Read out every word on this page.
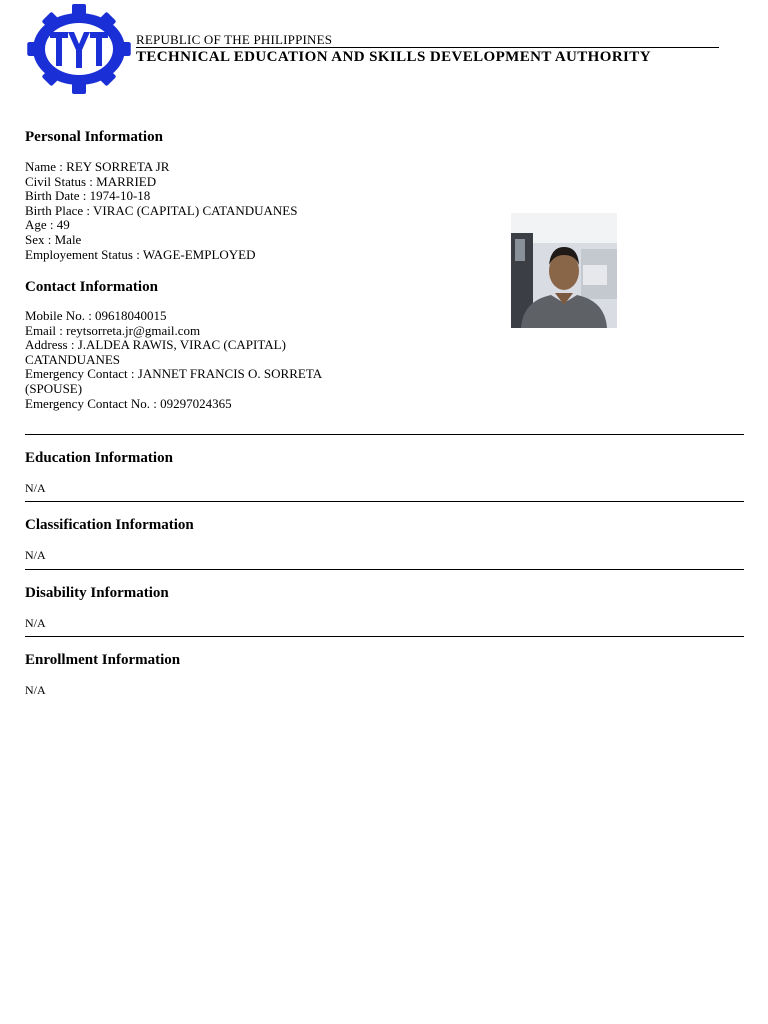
REPUBLIC OF THE PHILIPPINES
TECHNICAL EDUCATION AND SKILLS DEVELOPMENT AUTHORITY
Personal Information
Name : REY SORRETA JR
Civil Status : MARRIED
Birth Date : 1974-10-18
Birth Place : VIRAC (CAPITAL) CATANDUANES
Age : 49
Sex : Male
Employement Status : WAGE-EMPLOYED
Contact Information
Mobile No. : 09618040015
Email : reytsorreta.jr@gmail.com
Address : J.ALDEA RAWIS, VIRAC (CAPITAL)
CATANDUANES
Emergency Contact : JANNET FRANCIS O. SORRETA
(SPOUSE)
Emergency Contact No. : 09297024365
Education Information
N/A
Classification Information
N/A
Disability Information
N/A
Enrollment Information
N/A
